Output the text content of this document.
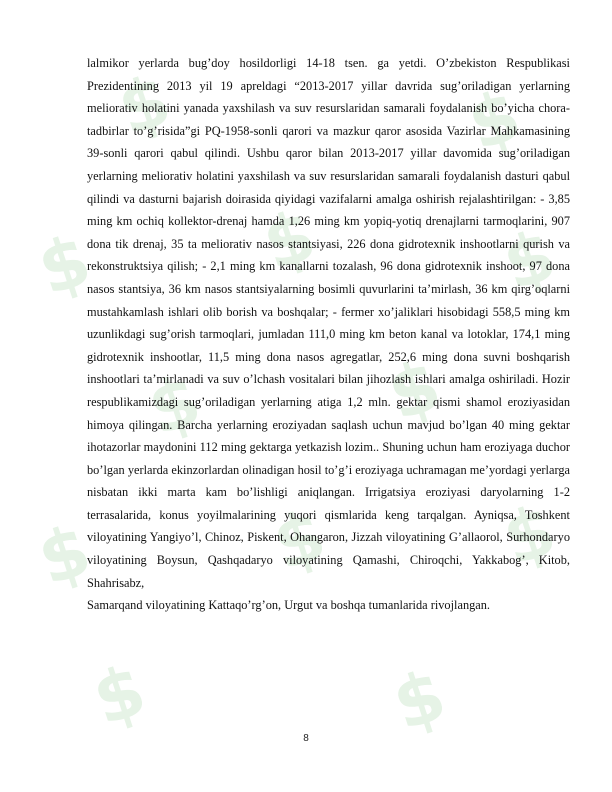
$	$
$ $ $
$ $
$ $ $
$	$

lalmikor yerlarda bug’doy hosildorligi 14-18 tsen. ga yetdi. O’zbekiston Respublikasi Prezidentining 2013 yil 19 apreldagi “2013-2017 yillar davrida sug’oriladigan yerlarning meliorativ holatini yanada yaxshilash va suv resurslaridan samarali foydalanish bo’yicha chora-tadbirlar to’g’risida”gi PQ-1958-sonli qarori va mazkur qaror asosida Vazirlar Mahkamasining 39-sonli qarori qabul qilindi. Ushbu qaror bilan 2013-2017 yillar davomida sug’oriladigan yerlarning meliorativ holatini yaxshilash va suv resurslaridan samarali foydalanish dasturi qabul qilindi va dasturni bajarish doirasida qiyidagi vazifalarni amalga oshirish rejalashtirilgan: - 3,85 ming km ochiq kollektor-drenaj hamda 1,26 ming km yopiq-yotiq drenajlarni tarmoqlarini, 907 dona tik drenaj, 35 ta meliorativ nasos stantsiyasi, 226 dona gidrotexnik inshootlarni qurish va rekonstruktsiya qilish; - 2,1 ming km kanallarni tozalash, 96 dona gidrotexnik inshoot, 97 dona nasos stantsiya, 36 km nasos stantsiyalarning bosimli quvurlarini ta’mirlash, 36 km qirg’oqlarni mustahkamlash ishlari olib borish va boshqalar; - fermer xo’jaliklari hisobidagi 558,5 ming km uzunlikdagi sug’orish tarmoqlari, jumladan 111,0 ming km beton kanal va lotoklar, 174,1 ming gidrotexnik inshootlar, 11,5 ming dona nasos agregatlar, 252,6 ming dona suvni boshqarish inshootlari ta’mirlanadi va suv o’lchash vositalari bilan jihozlash ishlari amalga oshiriladi. Hozir respublikamizdagi sug’oriladigan yerlarning atiga 1,2 mln. gektar qismi shamol eroziyasidan himoya qilingan. Barcha yerlarning eroziyadan saqlash uchun mavjud bo’lgan 40 ming gektar ihotazorlar maydonini 112 ming gektarga yetkazish lozim.. Shuning uchun ham eroziyaga duchor bo’lgan yerlarda ekinzorlardan olinadigan hosil to’g’i eroziyaga uchramagan me’yordagi yerlarga nisbatan ikki marta kam bo’lishligi aniqlangan. Irrigatsiya eroziyasi daryolarning 1-2 terrasalarida, konus yoyilmalarining yuqori qismlarida keng tarqalgan. Ayniqsa, Toshkent viloyatining Yangiyo’l, Chinoz, Piskent, Ohangaron, Jizzah viloyatining G’allaorol, Surhondaryo viloyatining Boysun, Qashqadaryo viloyatining Qamashi, Chiroqchi, Yakkabog’, Kitob, Shahrisabz,

Samarqand viloyatining Kattaqo’rg’on, Urgut va boshqa tumanlarida rivojlangan.

8
